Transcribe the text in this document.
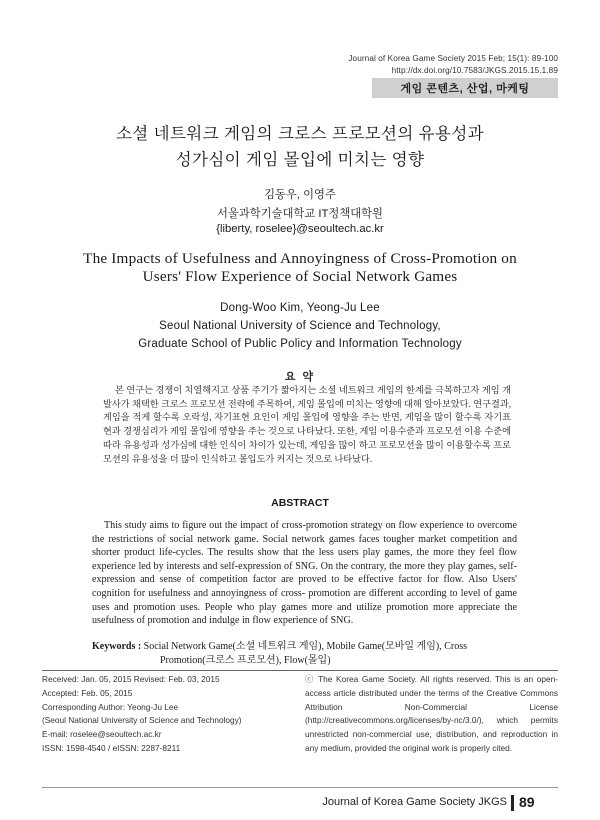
Journal of Korea Game Society 2015 Feb; 15(1): 89-100
http://dx.doi.org/10.7583/JKGS.2015.15.1.89
게임 콘텐츠, 산업, 마케팅
소셜 네트워크 게임의 크로스 프로모션의 유용성과
성가심이 게임 몰입에 미치는 영향
김동우, 이영주
서울과학기술대학교 IT정책대학원
{liberty, roselee}@seoultech.ac.kr
The Impacts of Usefulness and Annoyingness of Cross-Promotion on
Users' Flow Experience of Social Network Games
Dong-Woo Kim, Yeong-Ju Lee
Seoul National University of Science and Technology,
Graduate School of Public Policy and Information Technology
요 약

본 연구는 경쟁이 치열해지고 상품 주기가 짧아지는 소셜 네트워크 게임의 한계를 극복하고자 게임 개발사가 채택한 크로스 프로모션 전략에 주목하여, 게임 몰입에 미치는 영향에 대해 알아보았다. 연구결과, 게임을 적게 할수록 오락성, 자기표현 요인이 게임 몰입에 영향을 주는 반면, 게임을 많이 할수록 자기표현과 경쟁심리가 게임 몰입에 영향을 주는 것으로 나타났다. 또한, 게임 이용수준과 프로모션 이용 수준에 따라 유용성과 성가심에 대한 인식이 차이가 있는데, 게임을 많이 하고 프로모션을 많이 이용할수록 프로모션의 유용성을 더 많이 인식하고 몰입도가 커지는 것으로 나타났다.

ABSTRACT

This study aims to figure out the impact of cross-promotion strategy on flow experience to overcome the restrictions of social network game. Social network games faces tougher market competition and shorter product life-cycles. The results show that the less users play games, the more they feel flow experience led by interests and self-expression of SNG. On the contrary, the more they play games, self- expression and sense of competition factor are proved to be effective factor for flow. Also Users' cognition for usefulness and annoyingness of cross- promotion are different according to level of game uses and promotion uses. People who play games more and utilize promotion more appreciate the usefulness of promotion and indulge in flow experience of SNG.

Keywords : Social Network Game(소셜 네트워크 게임), Mobile Game(모바일 게임), Cross
Promotion(크로스 프로모션), Flow(몰입)
Received: Jan. 05, 2015 Revised: Feb. 03, 2015
Accepted: Feb. 05, 2015
Corresponding Author: Yeong-Ju Lee
(Seoul National University of Science and Technology)
E-mail: roselee@seoultech.ac.kr
ISSN: 1598-4540 / eISSN: 2287-8211
ⓒ The Korea Game Society. All rights reserved. This is an open-access article distributed under the terms of the Creative Commons Attribution Non-Commercial License (http://creativecommons.org/licenses/by-nc/3.0/), which permits unrestricted non-commercial use, distribution, and reproduction in any medium, provided the original work is properly cited.
Journal of Korea Game Society JKGS 89
